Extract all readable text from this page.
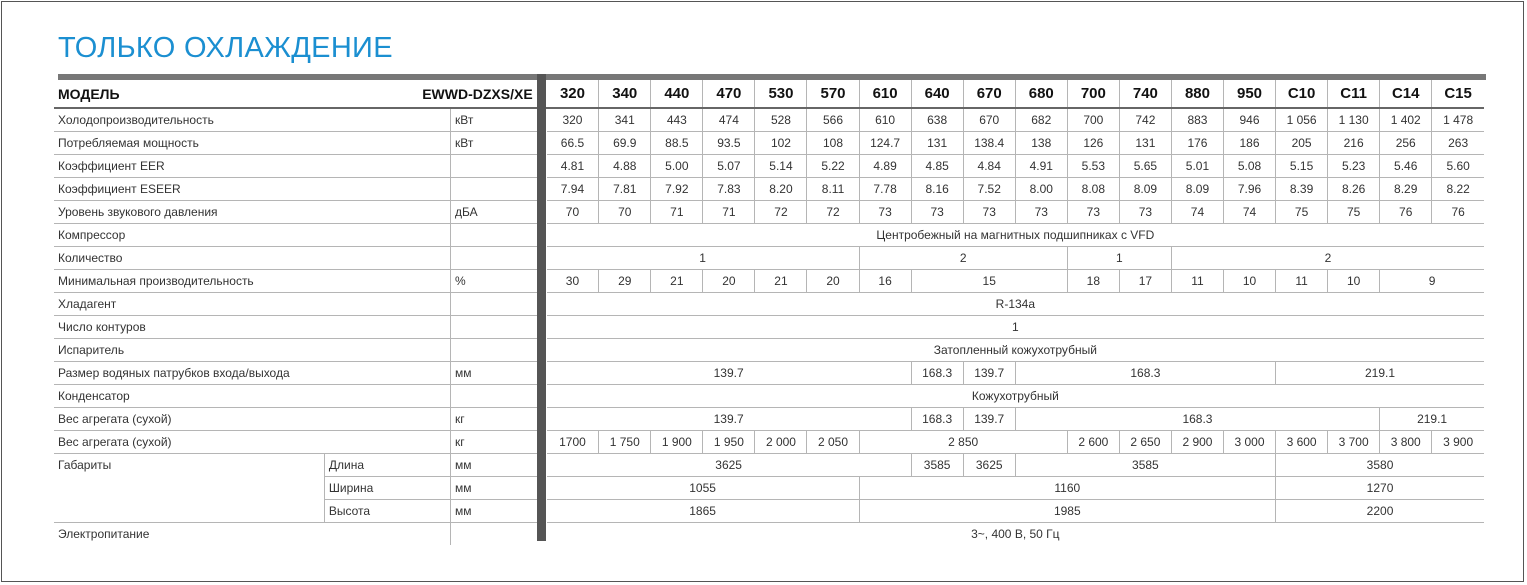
ТОЛЬКО ОХЛАЖДЕНИЕ
МОДЕЛЬ	EWWD-DZXS/XE			320	340	440	470	530	570	610	640	670	680	700	740	880	950	C10	C11	C14	C15
Холодопроизводительность		кВт		320	341	443	474	528	566	610	638	670	682	700	742	883	946	1 056	1 130	1 402	1 478
Потребляемая мощность		кВт		66.5	69.9	88.5	93.5	102	108	124.7	131	138.4	138	126	131	176	186	205	216	256	263
Коэффициент EER				4.81	4.88	5.00	5.07	5.14	5.22	4.89	4.85	4.84	4.91	5.53	5.65	5.01	5.08	5.15	5.23	5.46	5.60
Коэффициент ESEER				7.94	7.81	7.92	7.83	8.20	8.11	7.78	8.16	7.52	8.00	8.08	8.09	8.09	7.96	8.39	8.26	8.29	8.22
Уровень звукового давления		дБА		70	70	71	71	72	72	73	73	73	73	73	73	74	74	75	75	76	76
Компрессор				Центробежный на магнитных подшипниках с VFD																	
Количество				1						2				1		2					
Минимальная производительность		%		30	29	21	20	21	20	16	15			18	17	11	10	11	10	9	
Хладагент				R-134a																	
Число контуров				1																	
Испаритель				Затопленный кожухотрубный																	
Размер водяных патрубков входа/выхода		мм		139.7							168.3	139.7	168.3					219.1			
Конденсатор				Кожухотрубный																	
Вес агрегата (сухой)		кг		139.7							168.3	139.7	168.3							219.1	
Вес агрегата (сухой)		кг		1700	1 750	1 900	1 950	2 000	2 050	2 850				2 600	2 650	2 900	3 000	3 600	3 700	3 800	3 900
Габариты	Длина	мм		3625							3585	3625	3585					3580			
	Ширина	мм		1055						1160								1270			
	Высота	мм		1865						1985								2200			
Электропитание				3~, 400 В, 50 Гц																	
